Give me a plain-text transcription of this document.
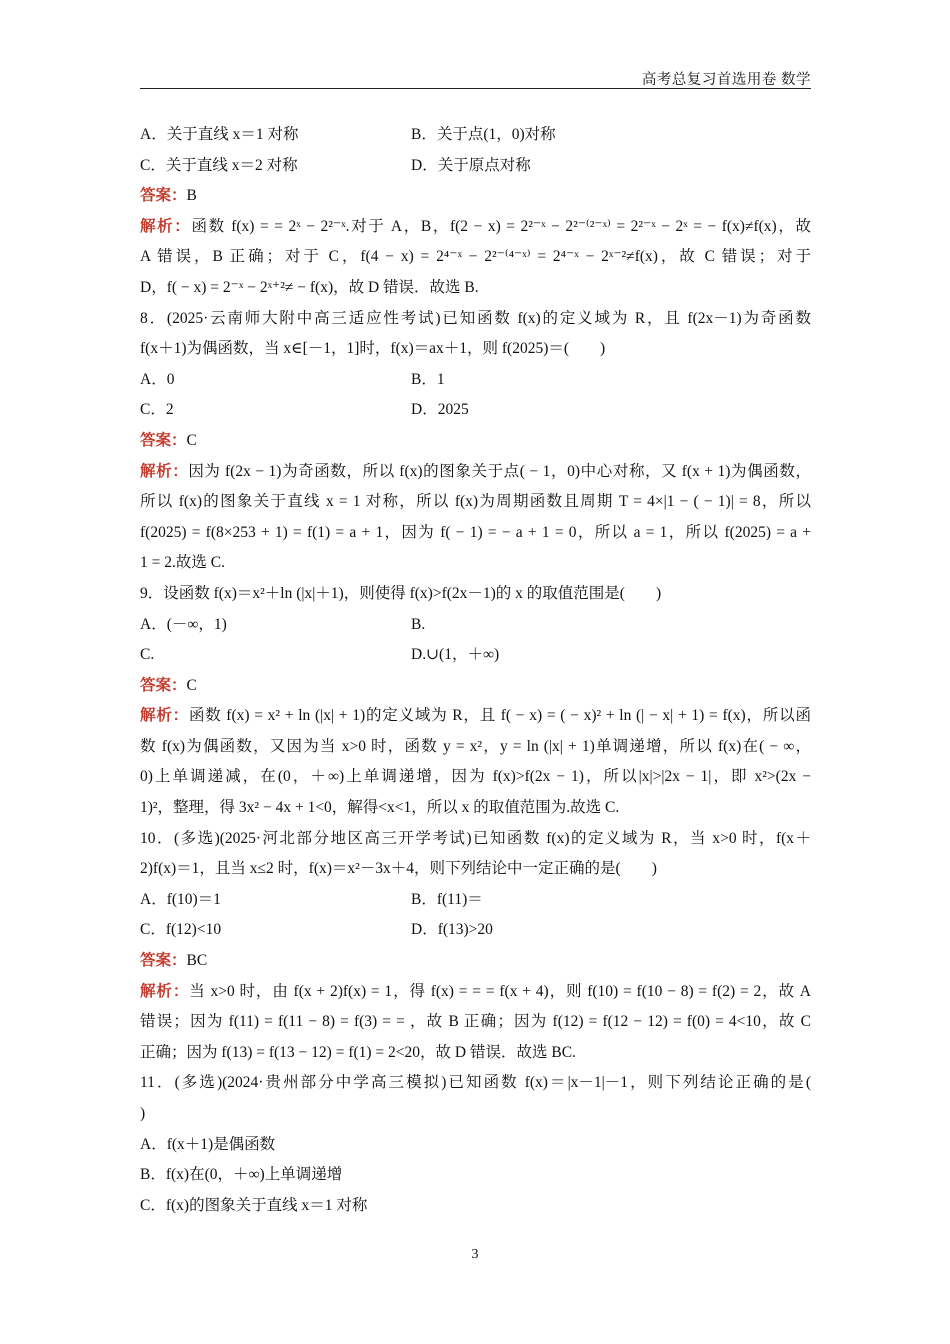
高考总复习首选用卷 数学
A．关于直线 x＝1 对称	B．关于点(1，0)对称
C．关于直线 x＝2 对称	D．关于原点对称
答案：B
解析：函数 f(x) = = 2ˣ − 2²⁻ˣ.对于 A，B，f(2 − x) = 2²⁻ˣ − 2²⁻⁽²⁻ˣ⁾ = 2²⁻ˣ − 2ˣ = − f(x)≠f(x)，故
A 错误，B 正确；对于 C，f(4 − x) = 2⁴⁻ˣ − 2²⁻⁽⁴⁻ˣ⁾ = 2⁴⁻ˣ − 2ˣ⁻²≠f(x)，故 C 错误；对于
D，f( − x) = 2⁻ˣ − 2ˣ⁺²≠ − f(x)，故 D 错误．故选 B.
8．(2025·云南师大附中高三适应性考试)已知函数 f(x)的定义域为 R，且 f(2x－1)为奇函数
f(x＋1)为偶函数，当 x∈[－1，1]时，f(x)＝ax＋1，则 f(2025)＝(　　)
A．0	B．1
C．2	D．2025
答案：C
解析：因为 f(2x − 1)为奇函数，所以 f(x)的图象关于点( − 1，0)中心对称，又 f(x + 1)为偶函数，
所以 f(x)的图象关于直线 x = 1 对称，所以 f(x)为周期函数且周期 T = 4×|1 − ( − 1)| = 8，所以
f(2025) = f(8×253 + 1) = f(1) = a + 1，因为 f( − 1) = − a + 1 = 0，所以 a = 1，所以 f(2025) = a +
1 = 2.故选 C.
9．设函数 f(x)＝x²＋ln (|x|＋1)，则使得 f(x)>f(2x－1)的 x 的取值范围是(　　)
A．(－∞，1)	B.
C.	D.∪(1，＋∞)
答案：C
解析：函数 f(x) = x² + ln (|x| + 1)的定义域为 R，且 f( − x) = ( − x)² + ln (| − x| + 1) = f(x)，所以函
数 f(x)为偶函数，又因为当 x>0 时，函数 y = x²，y = ln (|x| + 1)单调递增，所以 f(x)在( − ∞，
0)上单调递减，在(0，＋∞)上单调递增，因为 f(x)>f(2x − 1)，所以|x|>|2x − 1|，即 x²>(2x −
1)²，整理，得 3x² − 4x + 1<0，解得<x<1，所以 x 的取值范围为.故选 C.
10．(多选)(2025·河北部分地区高三开学考试)已知函数 f(x)的定义域为 R，当 x>0 时，f(x＋
2)f(x)＝1，且当 x≤2 时，f(x)＝x²－3x＋4，则下列结论中一定正确的是(　　)
A．f(10)＝1	B．f(11)＝
C．f(12)<10	D．f(13)>20
答案：BC
解析：当 x>0 时，由 f(x + 2)f(x) = 1，得 f(x) = = = f(x + 4)，则 f(10) = f(10 − 8) = f(2) = 2，故 A
错误；因为 f(11) = f(11 − 8) = f(3) = = ，故 B 正确；因为 f(12) = f(12 − 12) = f(0) = 4<10，故 C
正确；因为 f(13) = f(13 − 12) = f(1) = 2<20，故 D 错误．故选 BC.
11．(多选)(2024·贵州部分中学高三模拟)已知函数 f(x)＝|x－1|－1，则下列结论正确的是(
)
A．f(x＋1)是偶函数
B．f(x)在(0，＋∞)上单调递增
C．f(x)的图象关于直线 x＝1 对称
3
